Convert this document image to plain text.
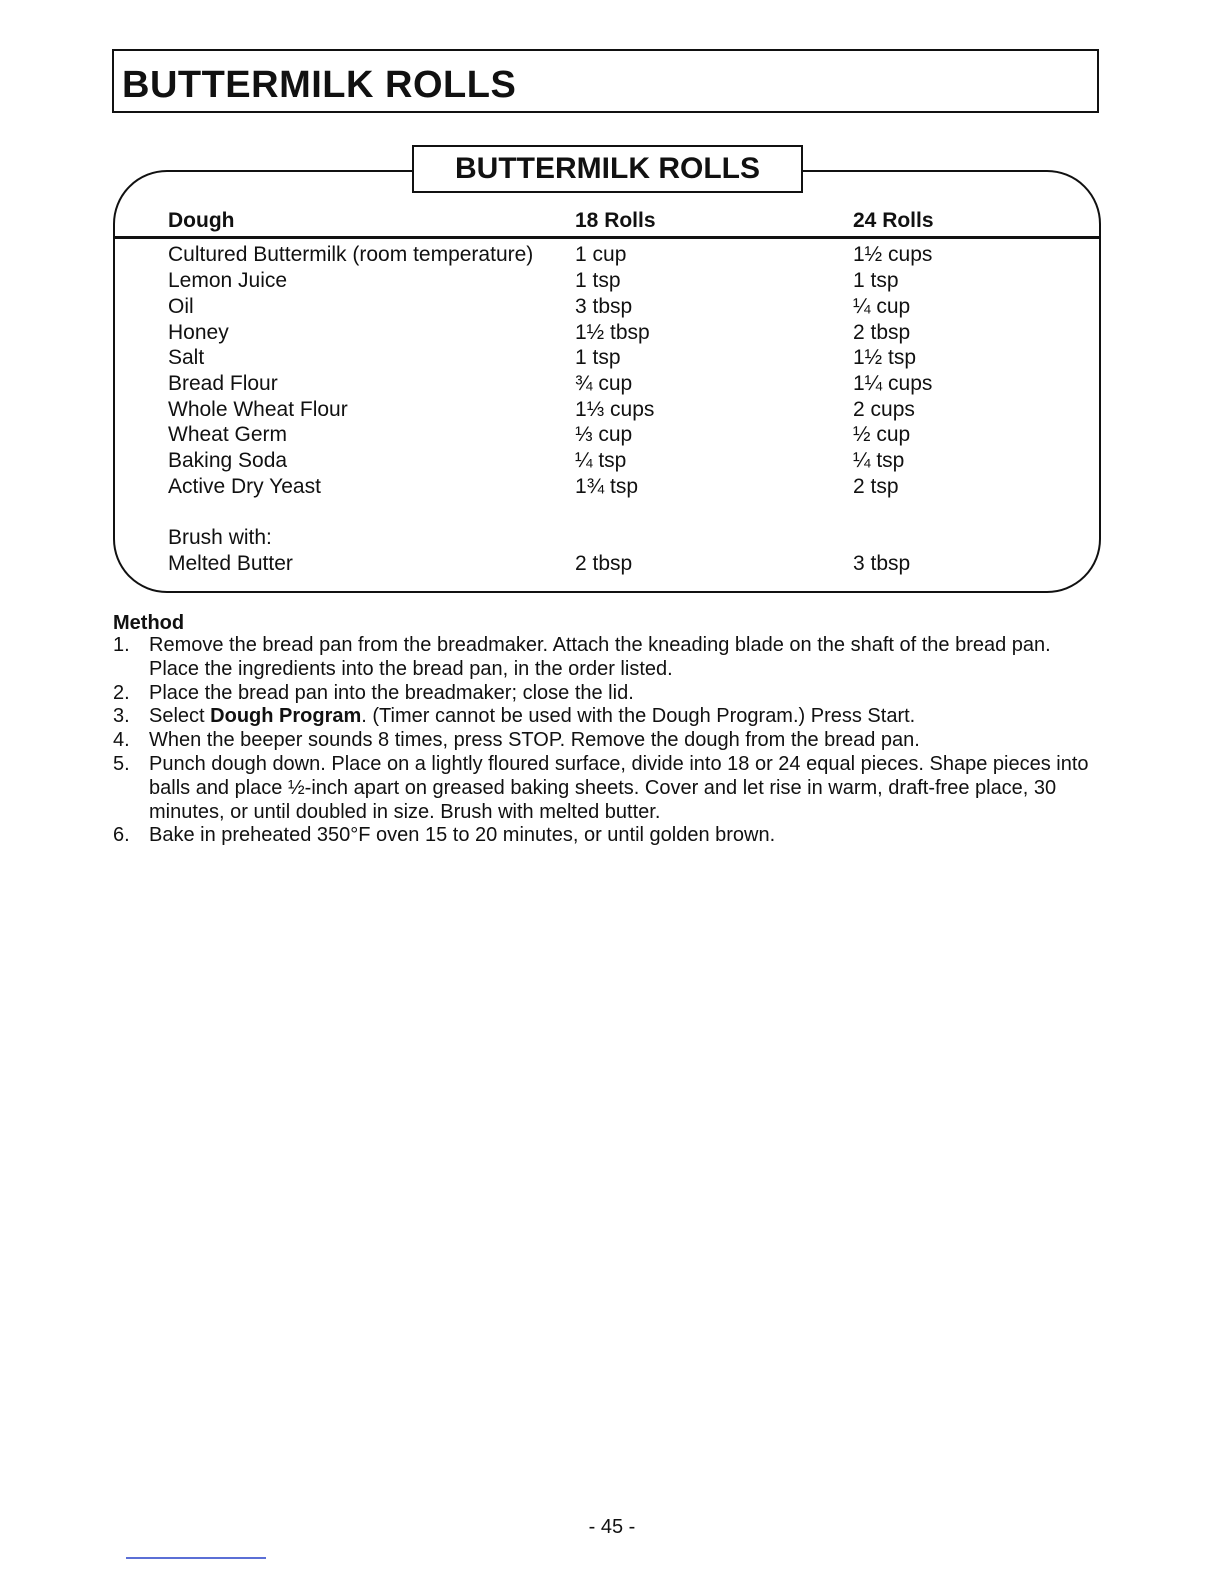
BUTTERMILK ROLLS
BUTTERMILK ROLLS
Dough	18 Rolls	24 Rolls
Cultured Buttermilk (room temperature) 1 cup	1½ cups
Lemon Juice	1 tsp	1 tsp
Oil	3 tbsp	¼ cup
Honey	1½ tbsp	2 tbsp
Salt	1 tsp	1½ tsp
Bread Flour	¾ cup	1¼ cups
Whole Wheat Flour	1⅓ cups	2 cups
Wheat Germ	⅓ cup	½ cup
Baking Soda	¼ tsp	¼ tsp
Active Dry Yeast	1¾ tsp	2 tsp
Brush with:
Melted Butter	2 tbsp	3 tbsp
Method
1. Remove the bread pan from the breadmaker. Attach the kneading blade on the shaft of the bread pan. Place the ingredients into the bread pan, in the order listed.
2. Place the bread pan into the breadmaker; close the lid.
3. Select Dough Program. (Timer cannot be used with the Dough Program.) Press Start.
4. When the beeper sounds 8 times, press STOP. Remove the dough from the bread pan.
5. Punch dough down. Place on a lightly floured surface, divide into 18 or 24 equal pieces. Shape pieces into balls and place ½-inch apart on greased baking sheets. Cover and let rise in warm, draft-free place, 30 minutes, or until doubled in size. Brush with melted butter.
6. Bake in preheated 350°F oven 15 to 20 minutes, or until golden brown.
- 45 -
